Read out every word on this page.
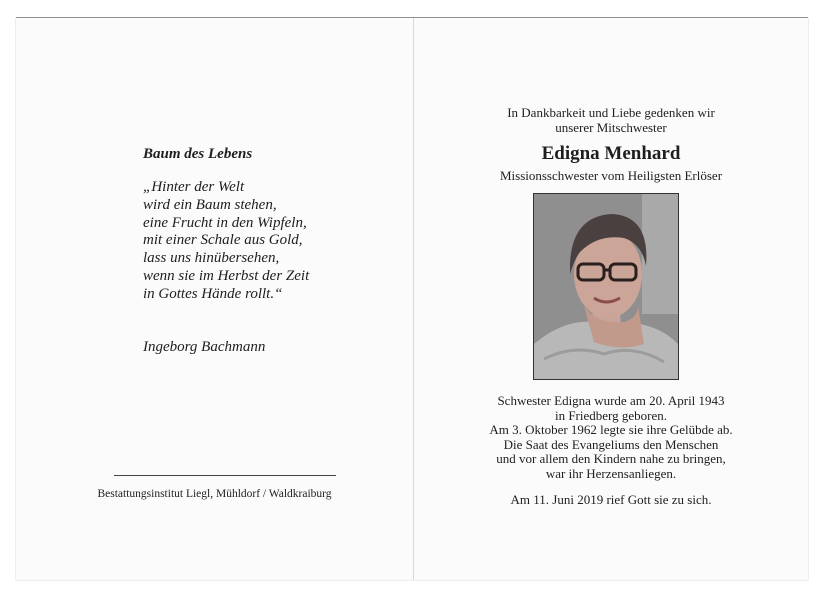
Baum des Lebens
„Hinter der Welt
wird ein Baum stehen,
eine Frucht in den Wipfeln,
mit einer Schale aus Gold,
lass uns hinübersehen,
wenn sie im Herbst der Zeit
in Gottes Hände rollt.“
Ingeborg Bachmann
Bestattungsinstitut Liegl, Mühldorf / Waldkraiburg
In Dankbarkeit und Liebe gedenken wir
unserer Mitschwester
Edigna Menhard
Missionsschwester vom Heiligsten Erlöser
Schwester Edigna wurde am 20. April 1943
in Friedberg geboren.
Am 3. Oktober 1962 legte sie ihre Gelübde ab.
Die Saat des Evangeliums den Menschen
und vor allem den Kindern nahe zu bringen,
war ihr Herzensanliegen.
Am 11. Juni 2019 rief Gott sie zu sich.
